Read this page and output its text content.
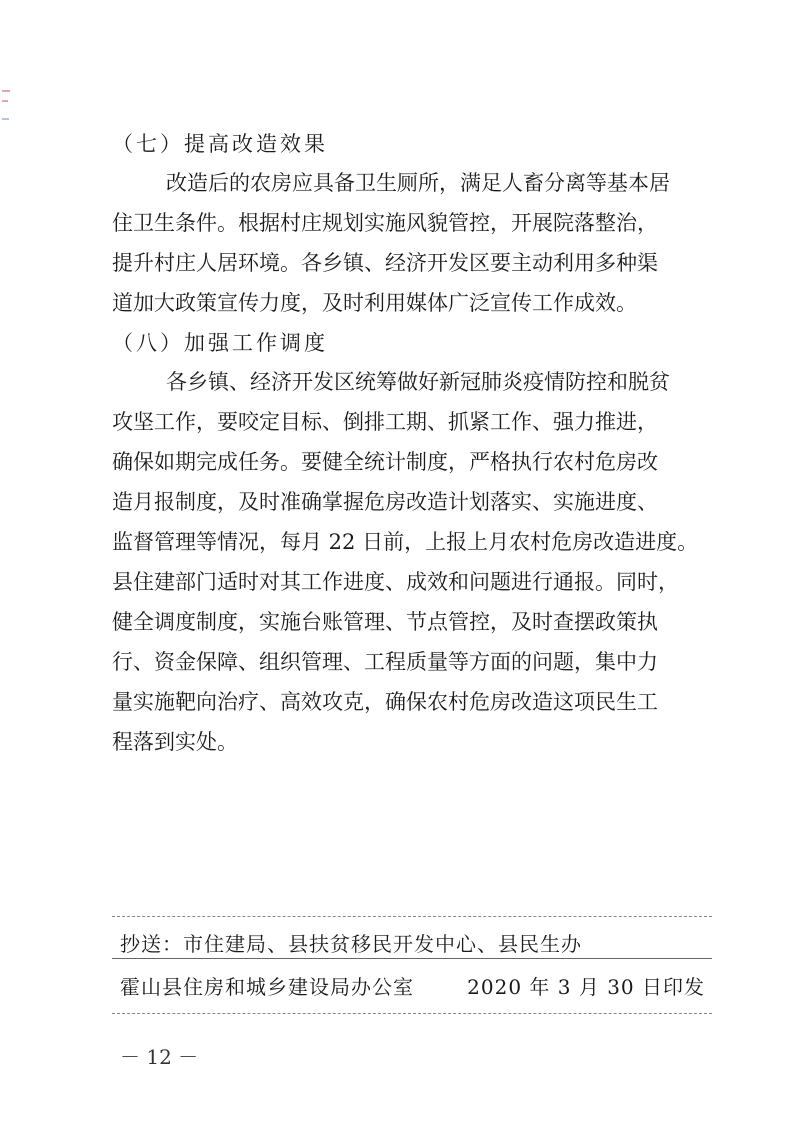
（七）提高改造效果
改造后的农房应具备卫生厕所，满足人畜分离等基本居
住卫生条件。根据村庄规划实施风貌管控，开展院落整治，
提升村庄人居环境。各乡镇、经济开发区要主动利用多种渠
道加大政策宣传力度，及时利用媒体广泛宣传工作成效。
（八）加强工作调度
各乡镇、经济开发区统筹做好新冠肺炎疫情防控和脱贫
攻坚工作，要咬定目标、倒排工期、抓紧工作、强力推进，
确保如期完成任务。要健全统计制度，严格执行农村危房改
造月报制度，及时准确掌握危房改造计划落实、实施进度、
监督管理等情况，每月 22 日前，上报上月农村危房改造进度。
县住建部门适时对其工作进度、成效和问题进行通报。同时，
健全调度制度，实施台账管理、节点管控，及时查摆政策执
行、资金保障、组织管理、工程质量等方面的问题，集中力
量实施靶向治疗、高效攻克，确保农村危房改造这项民生工
程落到实处。
抄送：市住建局、县扶贫移民开发中心、县民生办
霍山县住房和城乡建设局办公室	2020 年 3 月 30 日印发
－ 12 －
